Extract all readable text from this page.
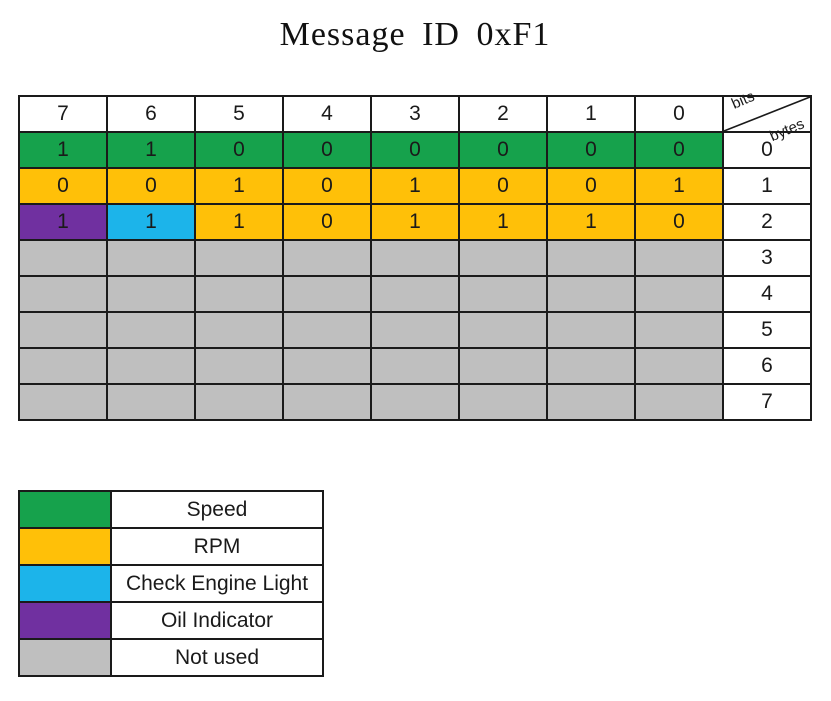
Message ID 0xF1
7	6	5	4	3	2	1	0	bits
bytes

1	1	0	0	0	0	0	0	0
0	0	1	0	1	0	0	1	1
1	1	1	0	1	1	1	0	2
								3
								4
								5
								6
								7
	Speed
	RPM
	Check Engine Light
	Oil Indicator
	Not used
